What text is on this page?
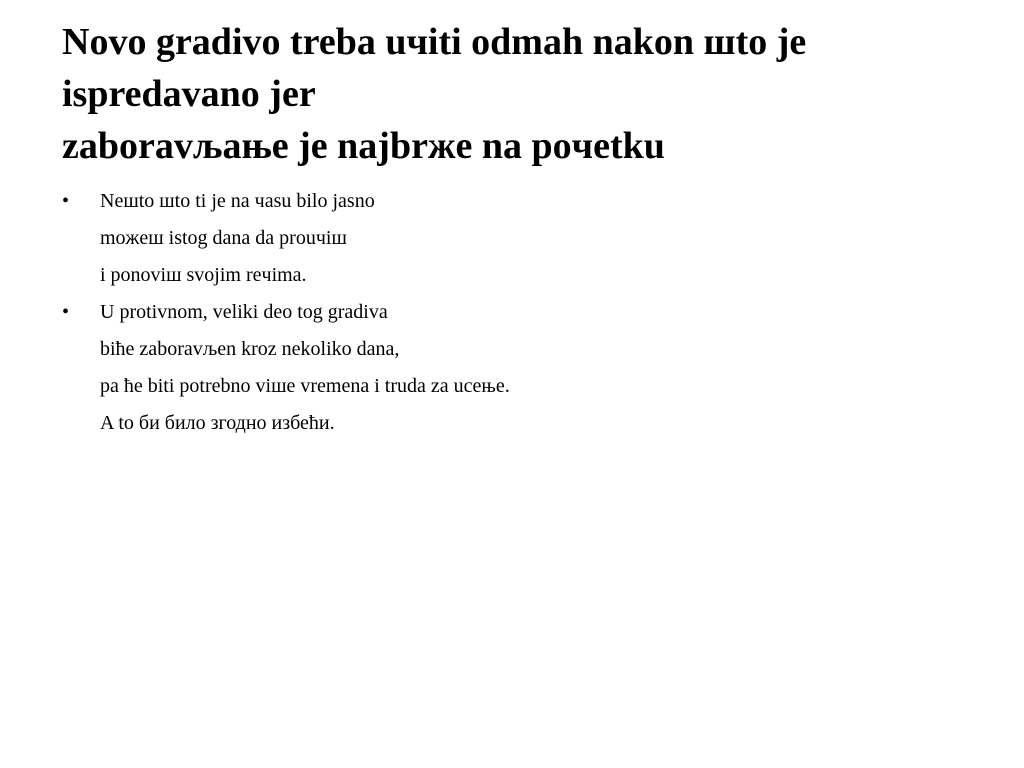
Novo gradivo treba uчiti odmah nakon шto je
ispredavano jer
zaboravљaњe je najbrжe na poчetku
•	Neшto шto ti je na чasu bilo jasno
moжeш istog dana da prouчiш
i ponoviш svojim reчima.
•	U protivnom, veliki deo tog gradiva
biћe zaboravљen kroz nekoliko dana,
pa ћe biti potrebno viшe vremena i truda za uceњe.
A to би било згодно избећи.
